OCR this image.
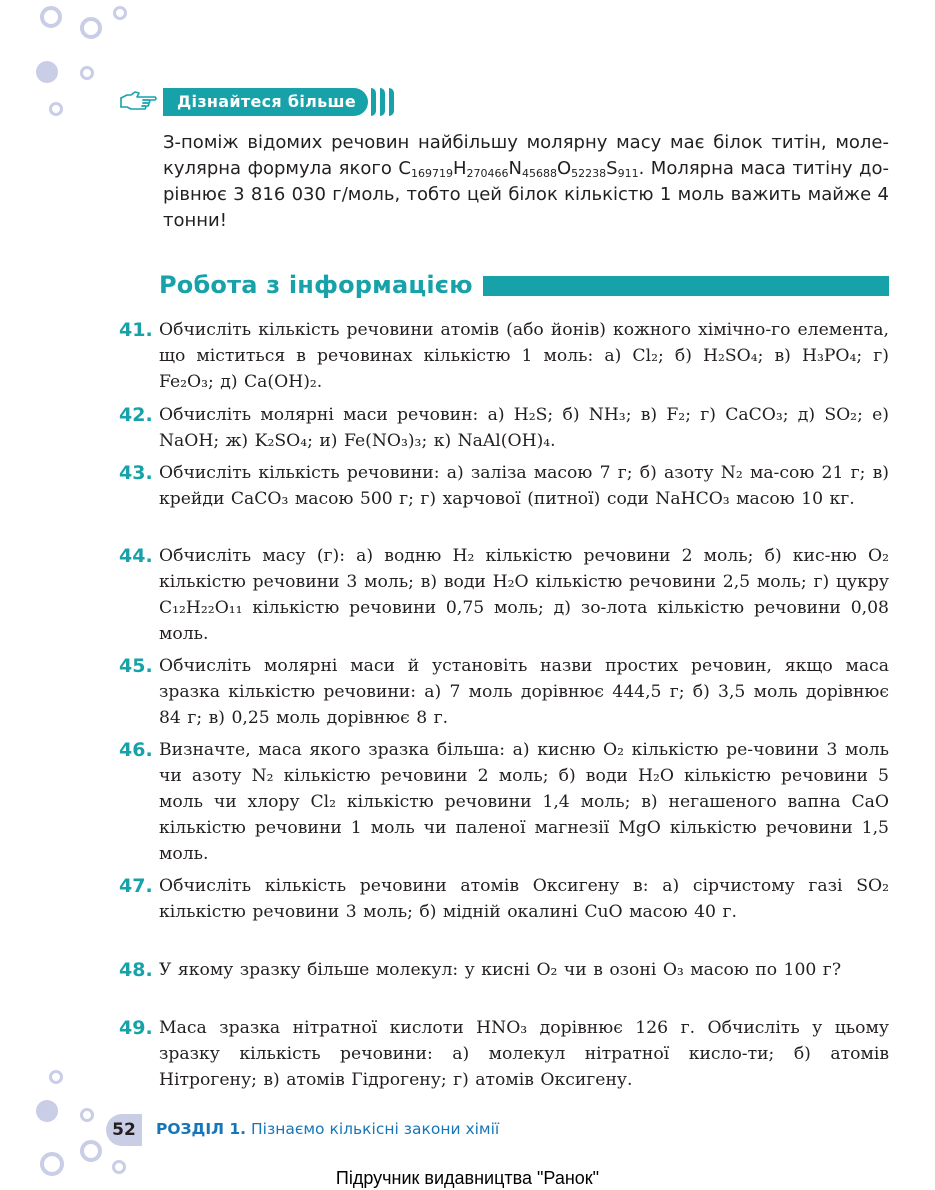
Дізнайтеся більше
З-поміж відомих речовин найбільшу молярну масу має білок титін, моле-кулярна формула якого $C_{169719}H_{270466}N_{45688}O_{52238}S_{911}$. Молярна маса титіну до-рівнює 3 816 030 г/моль, тобто цей білок кількістю 1 моль важить майже 4 тонни!
Робота з інформацією
41. Обчисліть кількість речовини атомів (або йонів) кожного хімічно-го елемента, що міститься в речовинах кількістю 1 моль: а) Cl₂; б) H₂SO₄; в) H₃PO₄; г) Fe₂O₃; д) Ca(OH)₂.
42. Обчисліть молярні маси речовин: а) H₂S; б) NH₃; в) F₂; г) CaCO₃; д) SO₂; е) NaOH; ж) K₂SO₄; и) Fe(NO₃)₃; к) NaAl(OH)₄.
43. Обчисліть кількість речовини: а) заліза масою 7 г; б) азоту N₂ ма-сою 21 г; в) крейди CaCO₃ масою 500 г; г) харчової (питної) соди NaHCO₃ масою 10 кг.
44. Обчисліть масу (г): а) водню H₂ кількістю речовини 2 моль; б) кис-ню O₂ кількістю речовини 3 моль; в) води H₂O кількістю речовини 2,5 моль; г) цукру C₁₂H₂₂O₁₁ кількістю речовини 0,75 моль; д) зо-лота кількістю речовини 0,08 моль.
45. Обчисліть молярні маси й установіть назви простих речовин, якщо маса зразка кількістю речовини: а) 7 моль дорівнює 444,5 г; б) 3,5 моль дорівнює 84 г; в) 0,25 моль дорівнює 8 г.
46. Визначте, маса якого зразка більша: а) кисню O₂ кількістю ре-човини 3 моль чи азоту N₂ кількістю речовини 2 моль; б) води H₂O кількістю речовини 5 моль чи хлору Cl₂ кількістю речовини 1,4 моль; в) негашеного вапна CaO кількістю речовини 1 моль чи паленої магнезії MgO кількістю речовини 1,5 моль.
47. Обчисліть кількість речовини атомів Оксигену в: а) сірчистому газі SO₂ кількістю речовини 3 моль; б) мідній окалині CuO масою 40 г.
48. У якому зразку більше молекул: у кисні O₂ чи в озоні O₃ масою по 100 г?
49. Маса зразка нітратної кислоти HNO₃ дорівнює 126 г. Обчисліть у цьому зразку кількість речовини: а) молекул нітратної кисло-ти; б) атомів Нітрогену; в) атомів Гідрогену; г) атомів Оксигену.
52	РОЗДІЛ 1. Пізнаємо кількісні закони хімії
Підручник видавництва "Ранок"
